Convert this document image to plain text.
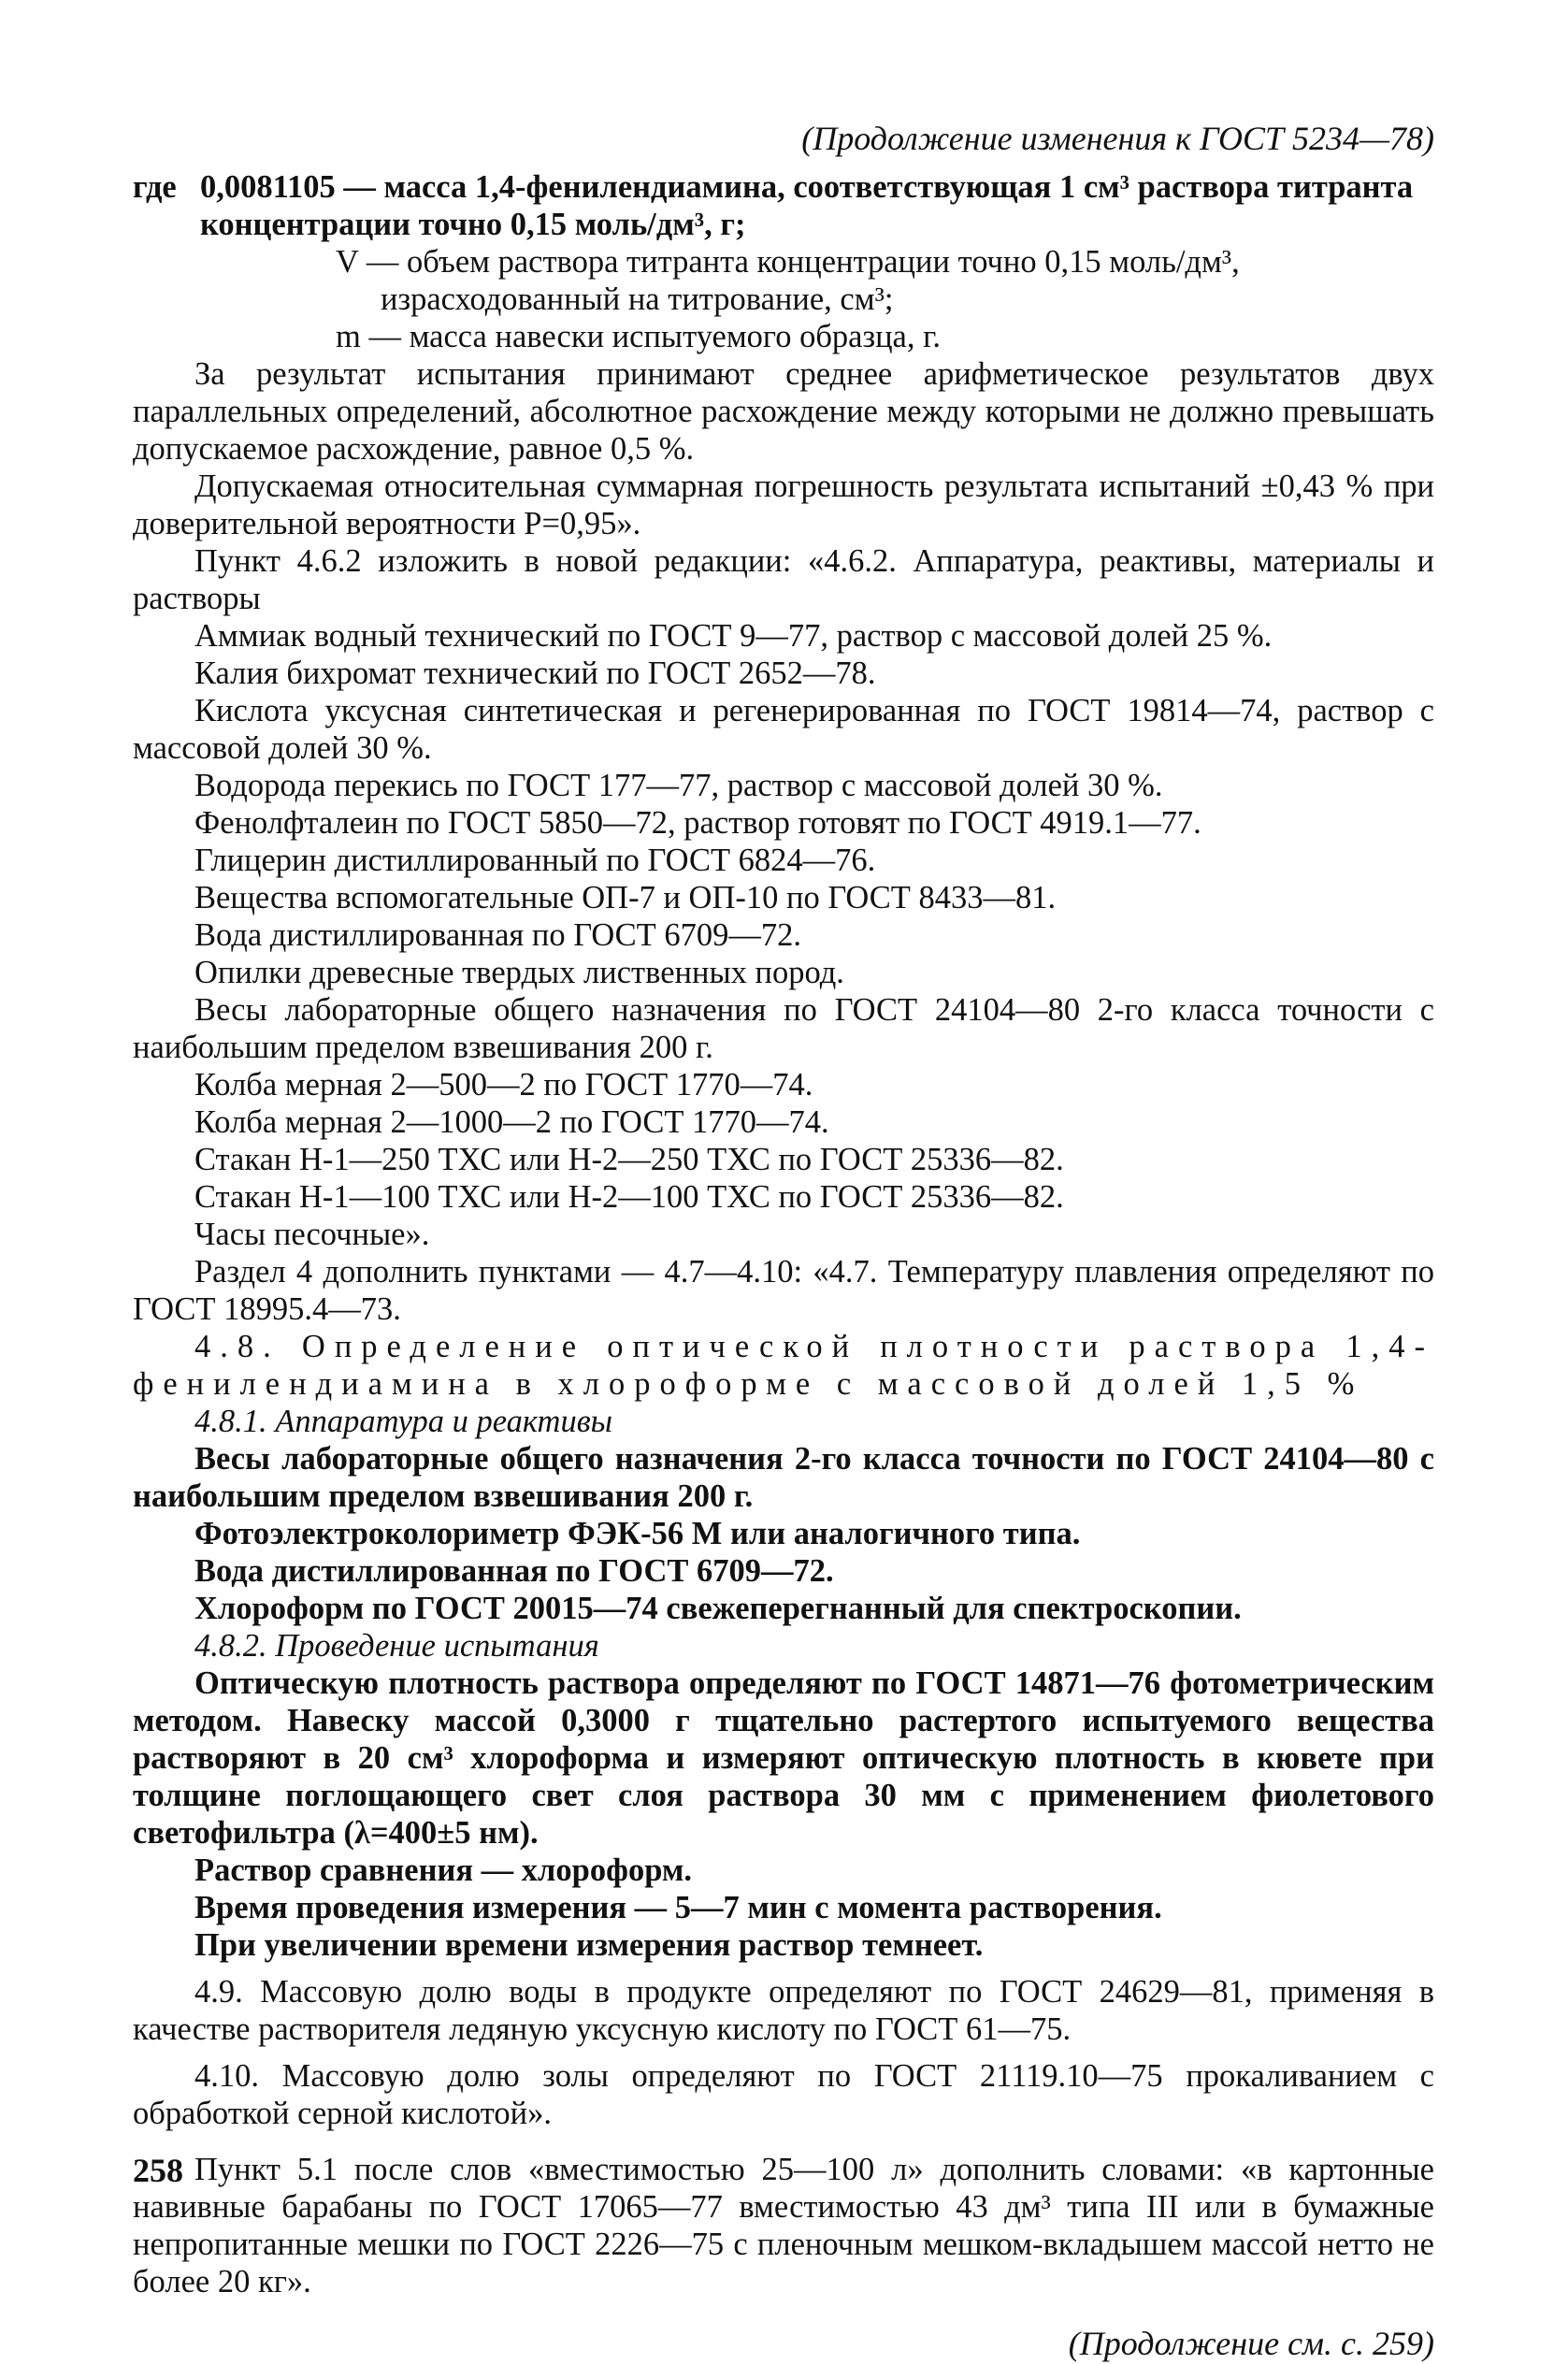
(Продолжение изменения к ГОСТ 5234—78)
где 0,0081105 — масса 1,4-фенилендиамина, соответствующая 1 см³ раствора титранта концентрации точно 0,15 моль/дм³, г;
V — объем раствора титранта концентрации точно 0,15 моль/дм³, израсходованный на титрование, см³;
m — масса навески испытуемого образца, г.

За результат испытания принимают среднее арифметическое результатов двух параллельных определений, абсолютное расхождение между которыми не должно превышать допускаемое расхождение, равное 0,5 %.

Допускаемая относительная суммарная погрешность результата испытаний ±0,43 % при доверительной вероятности P=0,95».

Пункт 4.6.2 изложить в новой редакции: «4.6.2. Аппаратура, реактивы, материалы и растворы

Аммиак водный технический по ГОСТ 9—77, раствор с массовой долей 25 %.

Калия бихромат технический по ГОСТ 2652—78.

Кислота уксусная синтетическая и регенерированная по ГОСТ 19814—74, раствор с массовой долей 30 %.

Водорода перекись по ГОСТ 177—77, раствор с массовой долей 30 %.

Фенолфталеин по ГОСТ 5850—72, раствор готовят по ГОСТ 4919.1—77.

Глицерин дистиллированный по ГОСТ 6824—76.

Вещества вспомогательные ОП-7 и ОП-10 по ГОСТ 8433—81.

Вода дистиллированная по ГОСТ 6709—72.

Опилки древесные твердых лиственных пород.

Весы лабораторные общего назначения по ГОСТ 24104—80 2-го класса точности с наибольшим пределом взвешивания 200 г.

Колба мерная 2—500—2 по ГОСТ 1770—74.

Колба мерная 2—1000—2 по ГОСТ 1770—74.

Стакан Н-1—250 ТХС или Н-2—250 ТХС по ГОСТ 25336—82.

Стакан Н-1—100 ТХС или Н-2—100 ТХС по ГОСТ 25336—82.

Часы песочные».

Раздел 4 дополнить пунктами — 4.7—4.10: «4.7. Температуру плавления определяют по ГОСТ 18995.4—73.

4.8. Определение оптической плотности раствора 1,4-фенилендиамина в хлороформе с массовой долей 1,5 %

4.8.1. Аппаратура и реактивы

Весы лабораторные общего назначения 2-го класса точности по ГОСТ 24104—80 с наибольшим пределом взвешивания 200 г.

Фотоэлектроколориметр ФЭК-56 М или аналогичного типа.

Вода дистиллированная по ГОСТ 6709—72.

Хлороформ по ГОСТ 20015—74 свежеперегнанный для спектроскопии.

4.8.2. Проведение испытания

Оптическую плотность раствора определяют по ГОСТ 14871—76 фотометрическим методом. Навеску массой 0,3000 г тщательно растертого испытуемого вещества растворяют в 20 см³ хлороформа и измеряют оптическую плотность в кювете при толщине поглощающего свет слоя раствора 30 мм с применением фиолетового светофильтра (λ=400±5 нм).

Раствор сравнения — хлороформ.

Время проведения измерения — 5—7 мин с момента растворения.

При увеличении времени измерения раствор темнеет.

4.9. Массовую долю воды в продукте определяют по ГОСТ 24629—81, применяя в качестве растворителя ледяную уксусную кислоту по ГОСТ 61—75.

4.10. Массовую долю золы определяют по ГОСТ 21119.10—75 прокаливанием с обработкой серной кислотой».

Пункт 5.1 после слов «вместимостью 25—100 л» дополнить словами: «в картонные навивные барабаны по ГОСТ 17065—77 вместимостью 43 дм³ типа III или в бумажные непропитанные мешки по ГОСТ 2226—75 с пленочным мешком-вкладышем массой нетто не более 20 кг».

(Продолжение см. с. 259)
258
